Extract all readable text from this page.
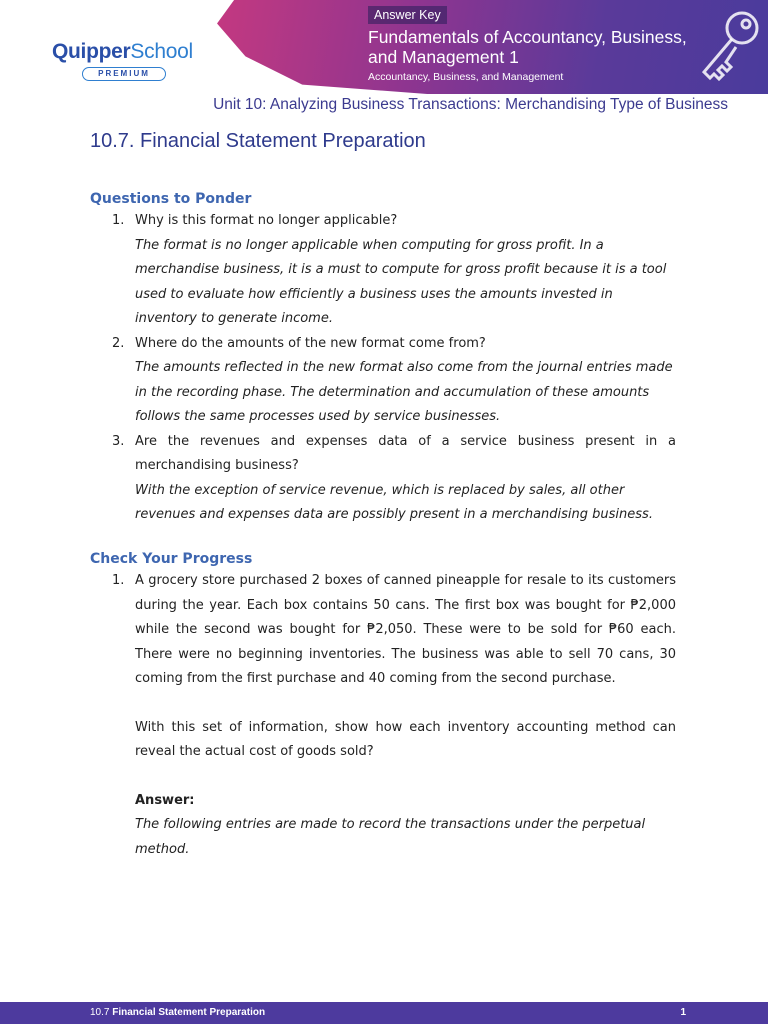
Answer Key
Fundamentals of Accountancy, Business,
and Management 1
Accountancy, Business, and Management
QuipperSchool
PREMIUM
Unit 10: Analyzing Business Transactions: Merchandising Type of Business
10.7. Financial Statement Preparation
Questions to Ponder
1. Why is this format no longer applicable?
The format is no longer applicable when computing for gross profit. In a merchandise business, it is a must to compute for gross profit because it is a tool used to evaluate how efficiently a business uses the amounts invested in inventory to generate income.
2. Where do the amounts of the new format come from?
The amounts reflected in the new format also come from the journal entries made in the recording phase. The determination and accumulation of these amounts follows the same processes used by service businesses.
3. Are the revenues and expenses data of a service business present in a merchandising business?
With the exception of service revenue, which is replaced by sales, all other revenues and expenses data are possibly present in a merchandising business.
Check Your Progress
1. A grocery store purchased 2 boxes of canned pineapple for resale to its customers during the year. Each box contains 50 cans. The first box was bought for ₱2,000 while the second was bought for ₱2,050. These were to be sold for ₱60 each. There were no beginning inventories. The business was able to sell 70 cans, 30 coming from the first purchase and 40 coming from the second purchase.
With this set of information, show how each inventory accounting method can reveal the actual cost of goods sold?
Answer:
The following entries are made to record the transactions under the perpetual method.
10.7 Financial Statement Preparation	1
